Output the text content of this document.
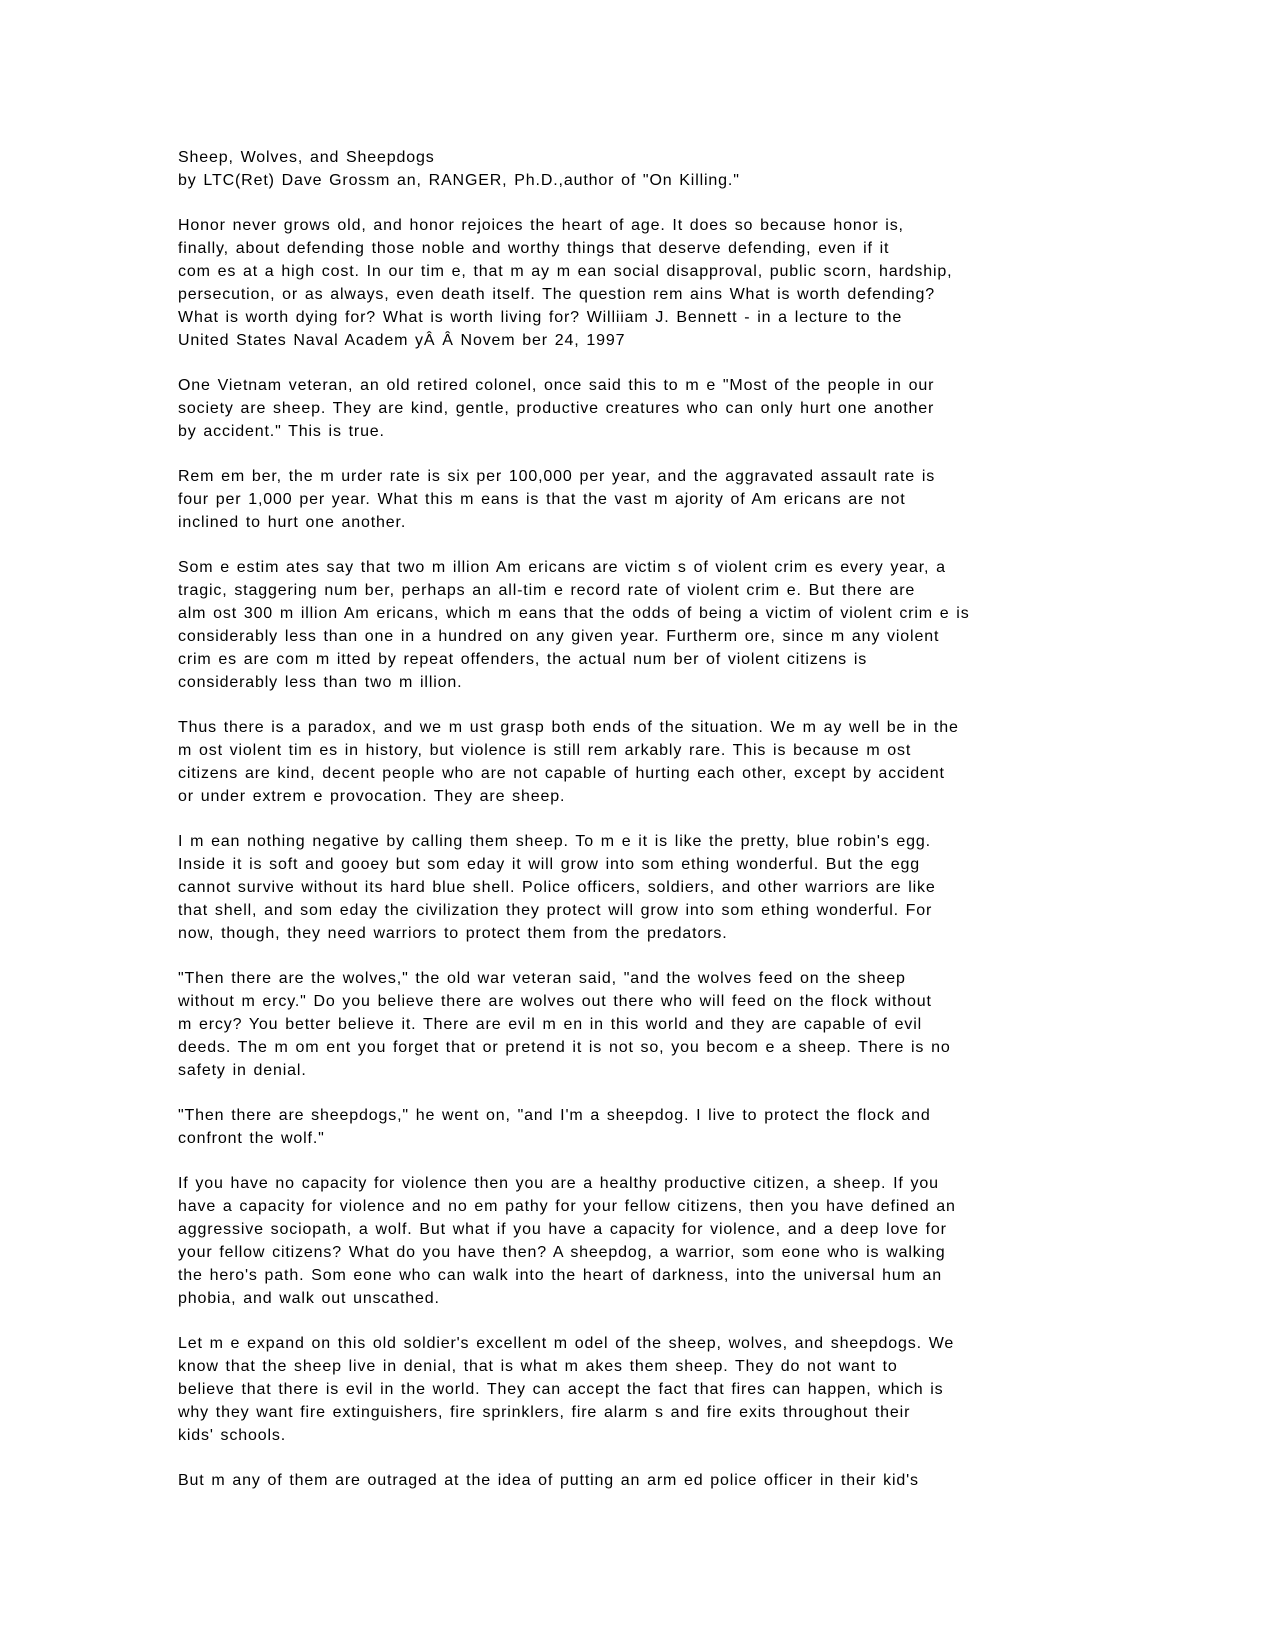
Sheep, Wolves, and Sheepdogs
by LTC(Ret) Dave Grossm an, RANGER, Ph.D.,author of "On Killing."
Honor never grows old, and honor rejoices the heart of age. It does so because honor is,
finally, about defending those noble and worthy things that deserve defending, even if it
com es at a high cost. In our tim e, that m ay m ean social disapproval, public scorn, hardship,
persecution, or as always, even death itself. The question rem ains What is worth defending?
What is worth dying for? What is worth living for? Williiam J. Bennett - in a lecture to the
United States Naval Academ yÂ Â Novem ber 24, 1997
One Vietnam veteran, an old retired colonel, once said this to m e "Most of the people in our
society are sheep. They are kind, gentle, productive creatures who can only hurt one another
by accident." This is true.
Rem em ber, the m urder rate is six per 100,000 per year, and the aggravated assault rate is
four per 1,000 per year. What this m eans is that the vast m ajority of Am ericans are not
inclined to hurt one another.
Som e estim ates say that two m illion Am ericans are victim s of violent crim es every year, a
tragic, staggering num ber, perhaps an all-tim e record rate of violent crim e. But there are
alm ost 300 m illion Am ericans, which m eans that the odds of being a victim of violent crim e is
considerably less than one in a hundred on any given year. Furtherm ore, since m any violent
crim es are com m itted by repeat offenders, the actual num ber of violent citizens is
considerably less than two m illion.
Thus there is a paradox, and we m ust grasp both ends of the situation. We m ay well be in the
m ost violent tim es in history, but violence is still rem arkably rare. This is because m ost
citizens are kind, decent people who are not capable of hurting each other, except by accident
or under extrem e provocation. They are sheep.
I m ean nothing negative by calling them sheep. To m e it is like the pretty, blue robin's egg.
Inside it is soft and gooey but som eday it will grow into som ething wonderful. But the egg
cannot survive without its hard blue shell. Police officers, soldiers, and other warriors are like
that shell, and som eday the civilization they protect will grow into som ething wonderful. For
now, though, they need warriors to protect them from the predators.
"Then there are the wolves," the old war veteran said, "and the wolves feed on the sheep
without m ercy." Do you believe there are wolves out there who will feed on the flock without
m ercy? You better believe it. There are evil m en in this world and they are capable of evil
deeds. The m om ent you forget that or pretend it is not so, you becom e a sheep. There is no
safety in denial.
"Then there are sheepdogs," he went on, "and I'm a sheepdog. I live to protect the flock and
confront the wolf."
If you have no capacity for violence then you are a healthy productive citizen, a sheep. If you
have a capacity for violence and no em pathy for your fellow citizens, then you have defined an
aggressive sociopath, a wolf. But what if you have a capacity for violence, and a deep love for
your fellow citizens? What do you have then? A sheepdog, a warrior, som eone who is walking
the hero's path. Som eone who can walk into the heart of darkness, into the universal hum an
phobia, and walk out unscathed.
Let m e expand on this old soldier's excellent m odel of the sheep, wolves, and sheepdogs. We
know that the sheep live in denial, that is what m akes them sheep. They do not want to
believe that there is evil in the world. They can accept the fact that fires can happen, which is
why they want fire extinguishers, fire sprinklers, fire alarm s and fire exits throughout their
kids' schools.
But m any of them are outraged at the idea of putting an arm ed police officer in their kid's
